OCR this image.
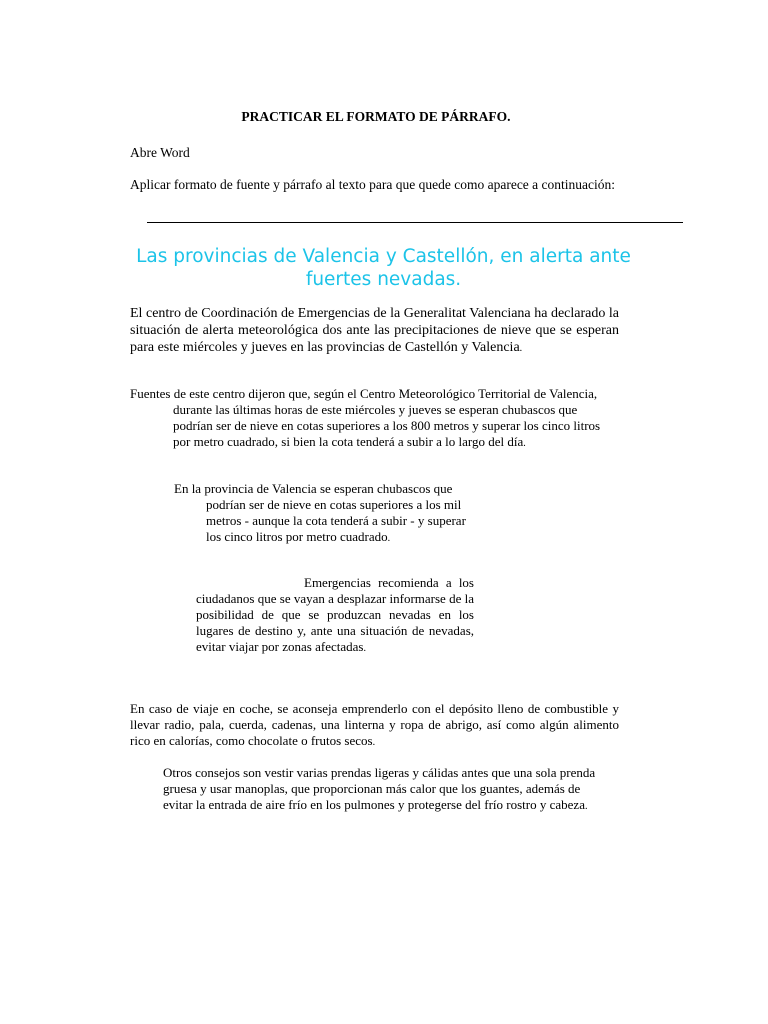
PRACTICAR EL FORMATO DE PÁRRAFO.
Abre Word
Aplicar formato de fuente y párrafo al texto para que quede como aparece a continuación:
Las provincias de Valencia y Castellón, en alerta ante fuertes nevadas.
El centro de Coordinación de Emergencias de la Generalitat Valenciana ha declarado la situación de alerta meteorológica dos ante las precipitaciones de nieve que se esperan para este miércoles y jueves en las provincias de Castellón y Valencia.
Fuentes de este centro dijeron que, según el Centro Meteorológico Territorial de Valencia, durante las últimas horas de este miércoles y jueves se esperan chubascos que podrían ser de nieve en cotas superiores a los 800 metros y superar los cinco litros por metro cuadrado, si bien la cota tenderá a subir a lo largo del día.
En la provincia de Valencia se esperan chubascos que podrían ser de nieve en cotas superiores a los mil metros - aunque la cota tenderá a subir - y superar los cinco litros por metro cuadrado.
Emergencias recomienda a los ciudadanos que se vayan a desplazar informarse de la posibilidad de que se produzcan nevadas en los lugares de destino y, ante una situación de nevadas, evitar viajar por zonas afectadas.
En caso de viaje en coche, se aconseja emprenderlo con el depósito lleno de combustible y llevar radio, pala, cuerda, cadenas, una linterna y ropa de abrigo, así como algún alimento rico en calorías, como chocolate o frutos secos.
Otros consejos son vestir varias prendas ligeras y cálidas antes que una sola prenda gruesa y usar manoplas, que proporcionan más calor que los guantes, además de evitar la entrada de aire frío en los pulmones y protegerse del frío rostro y cabeza.
